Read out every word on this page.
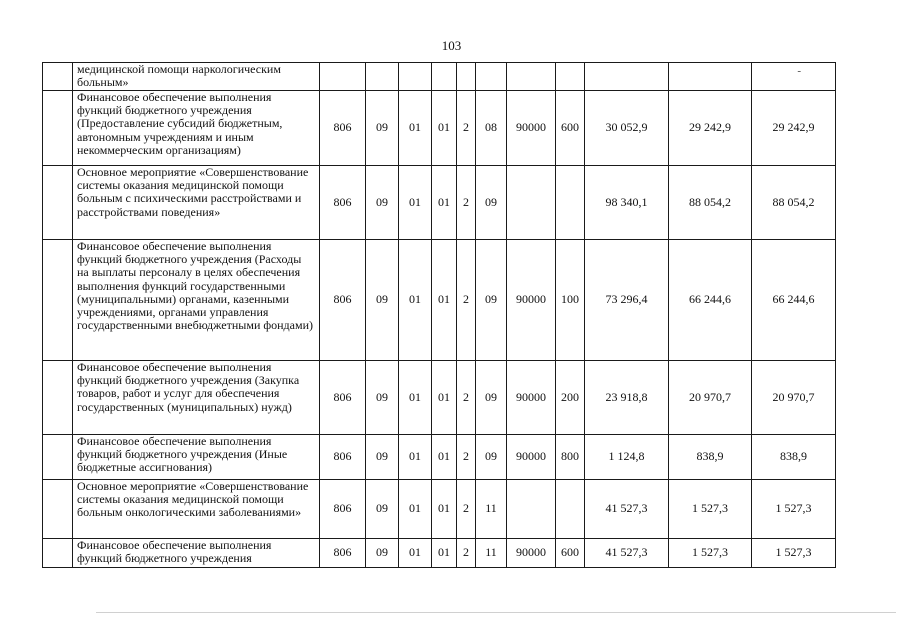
103
	медицинской помощи наркологическим больным»											-

	Финансовое обеспечение выполнения функций бюджетного учреждения (Предоставление субсидий бюджетным, автономным учреждениям и иным некоммерческим организациям)	806	09	01	01	2	08	90000	600	30 052,9	29 242,9	29 242,9
	Основное мероприятие «Совершенствование системы оказания медицинской помощи больным с психическими расстройствами и расстройствами поведения»	806	09	01	01	2	09			98 340,1	88 054,2	88 054,2
	Финансовое обеспечение выполнения функций бюджетного учреждения (Расходы на выплаты персоналу в целях обеспечения выполнения функций государственными (муниципальными) органами, казенными учреждениями, органами управления государственными внебюджетными фондами)	806	09	01	01	2	09	90000	100	73 296,4	66 244,6	66 244,6
	Финансовое обеспечение выполнения функций бюджетного учреждения (Закупка товаров, работ и услуг для обеспечения государственных (муниципальных) нужд)	806	09	01	01	2	09	90000	200	23 918,8	20 970,7	20 970,7
	Финансовое обеспечение выполнения функций бюджетного учреждения (Иные бюджетные ассигнования)	806	09	01	01	2	09	90000	800	1 124,8	838,9	838,9
	Основное мероприятие «Совершенствование системы оказания медицинской помощи больным онкологическими заболеваниями»	806	09	01	01	2	11			41 527,3	1 527,3	1 527,3
	Финансовое обеспечение выполнения функций бюджетного учреждения	806	09	01	01	2	11	90000	600	41 527,3	1 527,3	1 527,3
